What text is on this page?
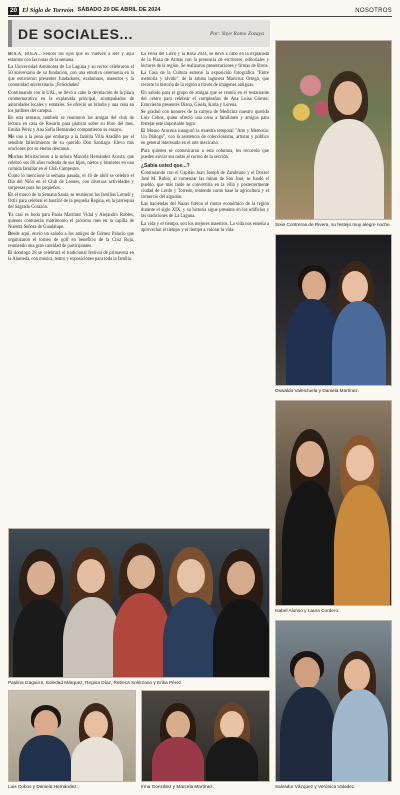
20 El Siglo de Torreón SÁBADO 20 DE ABRIL DE 2024	NOSOTROS
DE SOCIALES...	Por: Yaye Romo Zozaya

HOLA, HOLA... Felices los ojos que os vuelven a leer y aquí estamos con las notas de la semana.

La Universidad Autónoma de La Laguna y su rector celebraron el 50 aniversario de su fundación, con una emotiva ceremonia en la que estuvieron presentes fundadores, exalumnos, maestros y la comunidad universitaria. ¡Felicidades!

Continuando con la UAL, se llevó a cabo la develación de la placa conmemorativa en la explanada principal, acompañados de autoridades locales y estatales. Se ofreció un brindis y una cena en los jardines del campus.

En esta semana, también se reunieron las amigas del club de lectura en casa de Rosario para platicar sobre su libro del mes, Emilia Pérez y Ana Sofía Hernández compartieron su ensayo.

Me uno a la pena que embarga a la familia Villa Aradillo por el sensible fallecimiento de su querido Don Santiago. Elevo mis oraciones por su eterno descanso.

Muchas felicitaciones a la señora Marcela Hernández Acosta, que celebró sus 80 años rodeada de sus hijos, nietos y bisnietos en una comida familiar en el Club Campestre.

Como lo mencioné la semana pasada, el 16 de abril se celebró el Día del Niño en el Club de Leones, con diversas actividades y sorpresas para los pequeños.

En el marco de la Semana Santa, se reunieron las familias Lomelí y Ortiz para celebrar el bautizo de la pequeña Regina, en la parroquia del Sagrado Corazón.

Ya casi es boda para Paola Martínez Vidal y Alejandro Robles, quienes contraerán matrimonio el próximo mes en la capilla de Nuestra Señora de Guadalupe.

Desde aquí, envío un saludo a los amigos de Gómez Palacio que organizaron el torneo de golf en beneficio de la Cruz Roja, reuniendo una gran cantidad de participantes.

El domingo 28 se celebrará el tradicional festival de primavera en la Alameda, con música, teatro y exposiciones para toda la familia.

La Feria del Libro y la Rosa 2024, se llevó a cabo en la explanada de la Plaza de Armas con la presencia de escritores, editoriales y lectores de la región. Se realizaron presentaciones y firmas de libros.

La Casa de la Cultura estrenó la exposición fotográfica "Entre memoria y olvido", de la artista lagunera Maricruz Ortega, que recorre la historia de la región a través de imágenes antiguas.

Un saludo para el grupo de amigas que se reunió en el restaurante del centro para celebrar el cumpleaños de Ana Luisa Gómez. Estuvieron presentes Diana, Gisela, Karla y Lorena.

Se graduó con honores de la carrera de Medicina nuestro querido Luis Cobos, quien ofreció una cena a familiares y amigos para festejar este importante logro.

El Museo Arocena inauguró la muestra temporal "Arte y Memoria: Un Diálogo", con la asistencia de coleccionistas, artistas y público en general interesado en el arte mexicano.

Para quienes se comunicaron a esta columna, les recuerdo que pueden enviar sus notas al correo de la sección.

¿Sabía usted que...?

Continuando con el Capitán Juan Joseph de Zambrano y el Doctor José M. Rubio, al comenzar las minas de San José, se fundó el pueblo, que más tarde se convertiría en la villa y posteriormente ciudad de Lerdo y Torreón, teniendo como base la agricultura y el comercio del algodón.

Las haciendas del Nazas fueron el motor económico de la región durante el siglo XIX, y su historia sigue presente en los edificios y las tradiciones de La Laguna.

La vida y el tiempo, son los mejores maestros. La vida nos enseña a aprovechar el tiempo y el tiempo a valorar la vida.

Sixie Contreras de Rivera, su festejo muy alegre noche.
Oswaldo Valenzuela y Daniela Martínez.
Isabel Alonso y Laura Cordero.
Paulina Izaguirre, Soledad Márquez, Regina Díaz, Rebeca Solórzano y Erika Pérez.
Luis Cobos y Daniela Hernández.	Irma González y Marcela Martínez.	Salvador Vázquez y Verónica Valadez.
